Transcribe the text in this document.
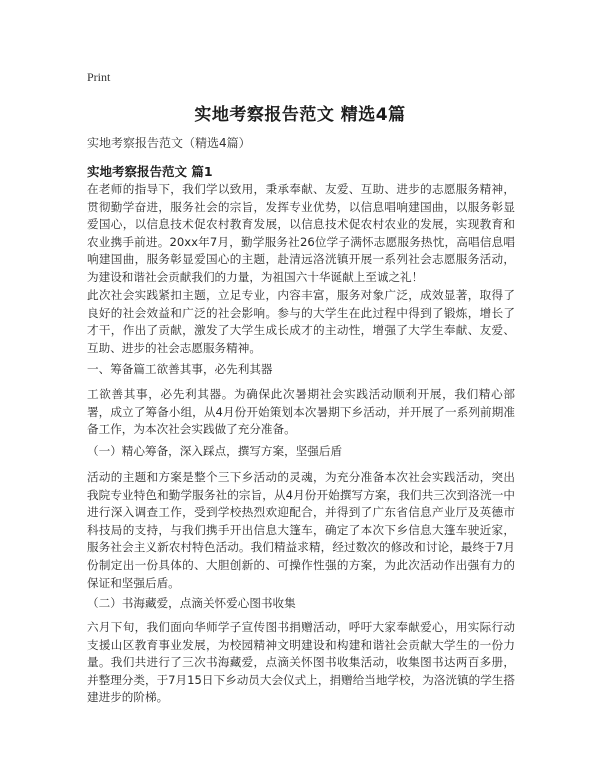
Print
实地考察报告范文 精选4篇
实地考察报告范文（精选4篇）
实地考察报告范文 篇1
在老师的指导下，我们学以致用，秉承奉献、友爱、互助、进步的志愿服务精神，贯彻勤学奋进，服务社会的宗旨，发挥专业优势，以信息唱响建国曲，以服务彰显爱国心，以信息技术促农村教育发展，以信息技术促农村农业的发展，实现教育和农业携手前进。20xx年7月，勤学服务社26位学子满怀志愿服务热忱，高唱信息唱响建国曲，服务彰显爱国心的主题，赴清远洛洸镇开展一系列社会志愿服务活动，为建设和谐社会贡献我们的力量，为祖国六十华诞献上至诚之礼！
此次社会实践紧扣主题，立足专业，内容丰富，服务对象广泛，成效显著，取得了良好的社会效益和广泛的社会影响。参与的大学生在此过程中得到了锻炼，增长了才干，作出了贡献，激发了大学生成长成才的主动性，增强了大学生奉献、友爱、互助、进步的社会志愿服务精神。
一、筹备篇工欲善其事，必先利其器
工欲善其事，必先利其器。为确保此次暑期社会实践活动顺利开展，我们精心部署，成立了筹备小组，从4月份开始策划本次暑期下乡活动，并开展了一系列前期准备工作，为本次社会实践做了充分准备。
（一）精心筹备，深入踩点，撰写方案，坚强后盾
活动的主题和方案是整个三下乡活动的灵魂，为充分准备本次社会实践活动，突出我院专业特色和勤学服务社的宗旨，从4月份开始撰写方案，我们共三次到洛洸一中进行深入调查工作，受到学校热烈欢迎配合，并得到了广东省信息产业厅及英德市科技局的支持，与我们携手开出信息大篷车，确定了本次下乡信息大篷车驶近家，服务社会主义新农村特色活动。我们精益求精，经过数次的修改和讨论，最终于7月份制定出一份具体的、大胆创新的、可操作性强的方案，为此次活动作出强有力的保证和坚强后盾。
（二）书海藏爱，点滴关怀爱心图书收集
六月下旬，我们面向华师学子宣传图书捐赠活动，呼吁大家奉献爱心，用实际行动支援山区教育事业发展，为校园精神文明建设和构建和谐社会贡献大学生的一份力量。我们共进行了三次书海藏爱，点滴关怀图书收集活动，收集图书达两百多册，并整理分类，于7月15日下乡动员大会仪式上，捐赠给当地学校，为洛洸镇的学生搭建进步的阶梯。
